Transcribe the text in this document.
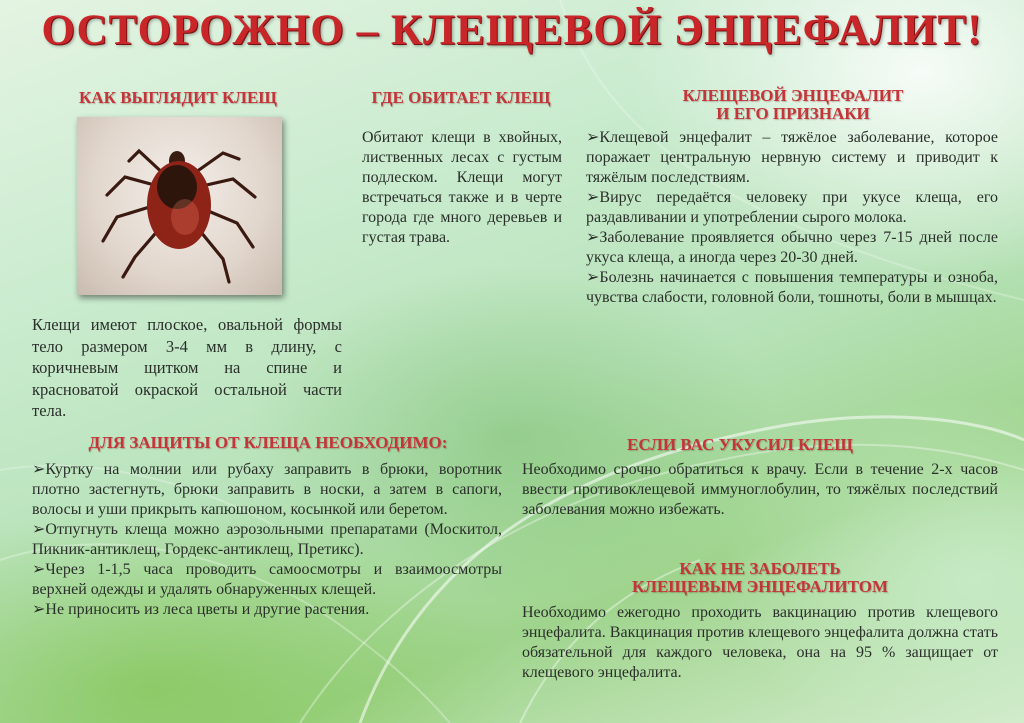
ОСТОРОЖНО – КЛЕЩЕВОЙ ЭНЦЕФАЛИТ!
КАК ВЫГЛЯДИТ КЛЕЩ
Клещи имеют плоское, овальной формы тело размером 3-4 мм в длину, с коричневым щитком на спине и красноватой окраской остальной части тела.
ГДЕ ОБИТАЕТ КЛЕЩ
Обитают клещи в хвойных, лиственных лесах с густым подлеском. Клещи могут встречаться также и в черте города где много деревьев и густая трава.
КЛЕЩЕВОЙ ЭНЦЕФАЛИТ
И ЕГО ПРИЗНАКИ
➢Клещевой энцефалит – тяжёлое заболевание, которое поражает центральную нервную систему и приводит к тяжёлым последствиям.
➢Вирус передаётся человеку при укусе клеща, его раздавливании и употреблении сырого молока.
➢Заболевание проявляется обычно через 7-15 дней после укуса клеща, а иногда через 20-30 дней.
➢Болезнь начинается с повышения температуры и озноба, чувства слабости, головной боли, тошноты, боли в мышцах.
ДЛЯ ЗАЩИТЫ ОТ КЛЕЩА НЕОБХОДИМО:
➢Куртку на молнии или рубаху заправить в брюки, воротник плотно застегнуть, брюки заправить в носки, а затем в сапоги, волосы и уши прикрыть капюшоном, косынкой или беретом.
➢Отпугнуть клеща можно аэрозольными препаратами (Москитол, Пикник-антиклещ, Гордекс-антиклещ, Претикс).
➢Через 1-1,5 часа проводить самоосмотры и взаимоосмотры верхней одежды и удалять обнаруженных клещей.
➢Не приносить из леса цветы и другие растения.
ЕСЛИ ВАС УКУСИЛ КЛЕЩ
Необходимо срочно обратиться к врачу. Если в течение 2-х часов ввести противоклещевой иммуноглобулин, то тяжёлых последствий заболевания можно избежать.
КАК НЕ ЗАБОЛЕТЬ
КЛЕЩЕВЫМ ЭНЦЕФАЛИТОМ
Необходимо ежегодно проходить вакцинацию против клещевого энцефалита. Вакцинация против клещевого энцефалита должна стать обязательной для каждого человека, она на 95 % защищает от клещевого энцефалита.
